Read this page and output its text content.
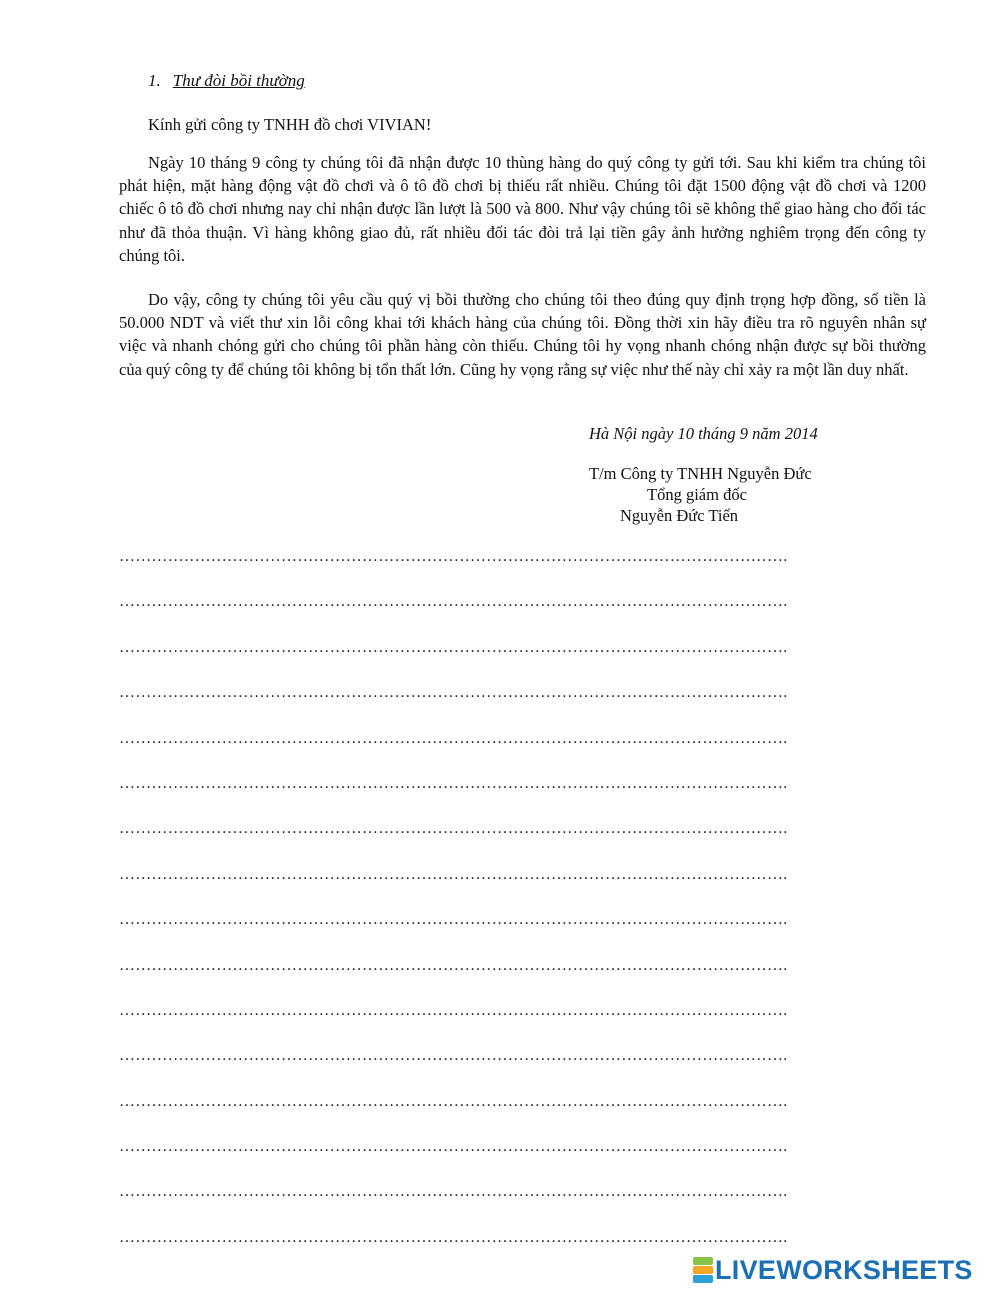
1. Thư đòi bồi thường
Kính gửi công ty TNHH đồ chơi VIVIAN!

Ngày 10 tháng 9 công ty chúng tôi đã nhận được 10 thùng hàng do quý công ty gửi tới. Sau khi kiểm tra chúng tôi phát hiện, mặt hàng động vật đồ chơi và ô tô đồ chơi bị thiếu rất nhiều. Chúng tôi đặt 1500 động vật đồ chơi và 1200 chiếc ô tô đồ chơi nhưng nay chỉ nhận được lần lượt là 500 và 800. Như vậy chúng tôi sẽ không thể giao hàng cho đối tác như đã thỏa thuận. Vì hàng không giao đủ, rất nhiều đối tác đòi trả lại tiền gây ảnh hưởng nghiêm trọng đến công ty chúng tôi.

Do vậy, công ty chúng tôi yêu cầu quý vị bồi thường cho chúng tôi theo đúng quy định trọng hợp đồng, số tiền là 50.000 NDT và viết thư xin lỗi công khai tới khách hàng của chúng tôi. Đồng thời xin hãy điều tra rõ nguyên nhân sự việc và nhanh chóng gửi cho chúng tôi phần hàng còn thiếu. Chúng tôi hy vọng nhanh chóng nhận được sự bồi thường của quý công ty để chúng tôi không bị tổn thất lớn. Cũng hy vọng rằng sự việc như thế này chỉ xảy ra một lần duy nhất.

Hà Nội ngày 10 tháng 9 năm 2014
T/m Công ty TNHH Nguyễn Đức
Tổng giám đốc
Nguyễn Đức Tiến
…………………………………………………………………………………………………………….
…………………………………………………………………………………………………………….
…………………………………………………………………………………………………………….
…………………………………………………………………………………………………………….
…………………………………………………………………………………………………………….
…………………………………………………………………………………………………………….
…………………………………………………………………………………………………………….
…………………………………………………………………………………………………………….
…………………………………………………………………………………………………………….
…………………………………………………………………………………………………………….
…………………………………………………………………………………………………………….
…………………………………………………………………………………………………………….
…………………………………………………………………………………………………………….
…………………………………………………………………………………………………………….
…………………………………………………………………………………………………………….
…………………………………………………………………………………………………………….
LIVEWORKSHEETS
